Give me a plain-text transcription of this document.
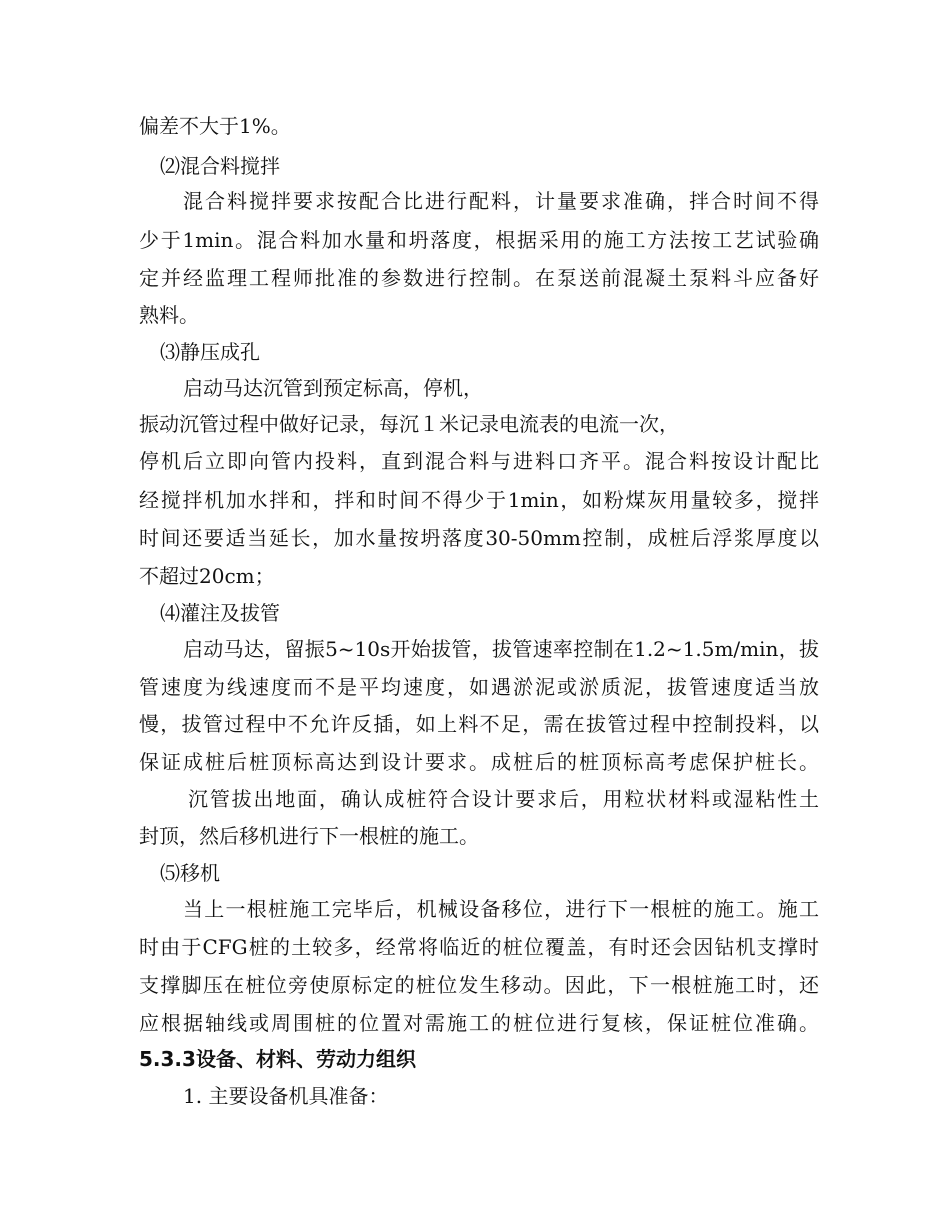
偏差不大于1%。

⑵混合料搅拌

混合料搅拌要求按配合比进行配料，计量要求准确，拌合时间不得

少于1min。混合料加水量和坍落度，根据采用的施工方法按工艺试验确

定并经监理工程师批准的参数进行控制。在泵送前混凝土泵料斗应备好

熟料。

⑶静压成孔

启动马达沉管到预定标高，停机，

振动沉管过程中做好记录，每沉１米记录电流表的电流一次，

停机后立即向管内投料，直到混合料与进料口齐平。混合料按设计配比

经搅拌机加水拌和，拌和时间不得少于1min，如粉煤灰用量较多，搅拌

时间还要适当延长，加水量按坍落度30-50mm控制，成桩后浮浆厚度以

不超过20cm；

⑷灌注及拔管

启动马达，留振5~10s开始拔管，拔管速率控制在1.2~1.5m/min，拔

管速度为线速度而不是平均速度，如遇淤泥或淤质泥，拔管速度适当放

慢，拔管过程中不允许反插，如上料不足，需在拔管过程中控制投料，以

保证成桩后桩顶标高达到设计要求。成桩后的桩顶标高考虑保护桩长。

沉管拔出地面，确认成桩符合设计要求后，用粒状材料或湿粘性土

封顶，然后移机进行下一根桩的施工。

⑸移机

当上一根桩施工完毕后，机械设备移位，进行下一根桩的施工。施工

时由于CFG桩的土较多，经常将临近的桩位覆盖，有时还会因钻机支撑时

支撑脚压在桩位旁使原标定的桩位发生移动。因此，下一根桩施工时，还

应根据轴线或周围桩的位置对需施工的桩位进行复核，保证桩位准确。

5.3.3设备、材料、劳动力组织

1. 主要设备机具准备：
